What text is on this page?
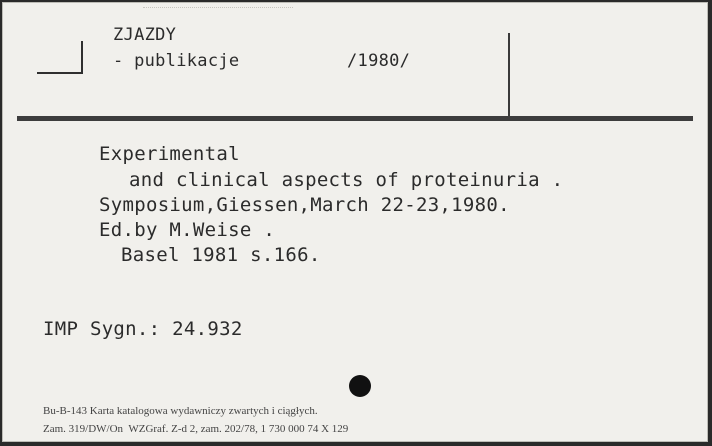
ZJAZDY
- publikacje	/1980/
Experimental
and clinical aspects of proteinuria .
Symposium,Giessen,March 22-23,1980.
Ed.by M.Weise .
Basel 1981 s.166.
IMP Sygn.: 24.932
Bu-B-143 Karta katalogowa wydawniczy zwartych i ciągłych.
Zam. 319/DW/On  WZGraf. Z-d 2, zam. 202/78, 1 730 000 74 X 129
